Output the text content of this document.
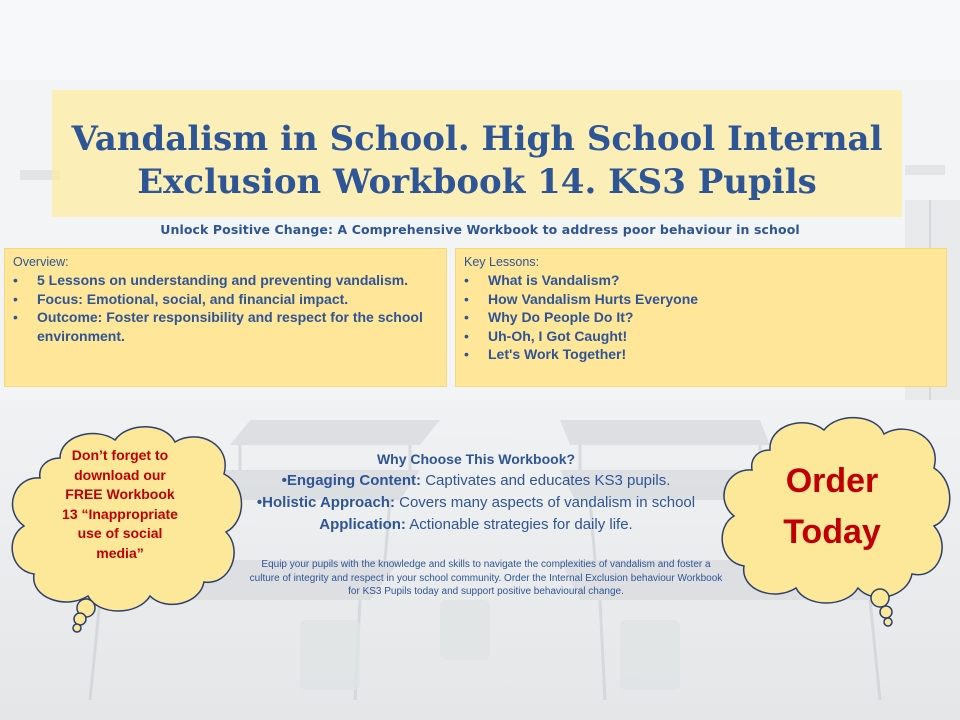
Vandalism in School. High School Internal
Exclusion Workbook 14. KS3 Pupils
Unlock Positive Change: A Comprehensive Workbook to address poor behaviour in school
Overview:
• 5 Lessons on understanding and preventing vandalism.
• Focus: Emotional, social, and financial impact.
• Outcome: Foster responsibility and respect for the school environment.
Key Lessons:
• What is Vandalism?
• How Vandalism Hurts Everyone
• Why Do People Do It?
• Uh-Oh, I Got Caught!
• Let's Work Together!
Don’t forget to
download our
FREE Workbook
13 “Inappropriate
use of social
media”
Order
Today
Why Choose This Workbook?
•Engaging Content: Captivates and educates KS3 pupils.
•Holistic Approach: Covers many aspects of vandalism in school
Application: Actionable strategies for daily life.
Equip your pupils with the knowledge and skills to navigate the complexities of vandalism and foster a culture of integrity and respect in your school community. Order the Internal Exclusion behaviour Workbook for KS3 Pupils today and support positive behavioural change.
